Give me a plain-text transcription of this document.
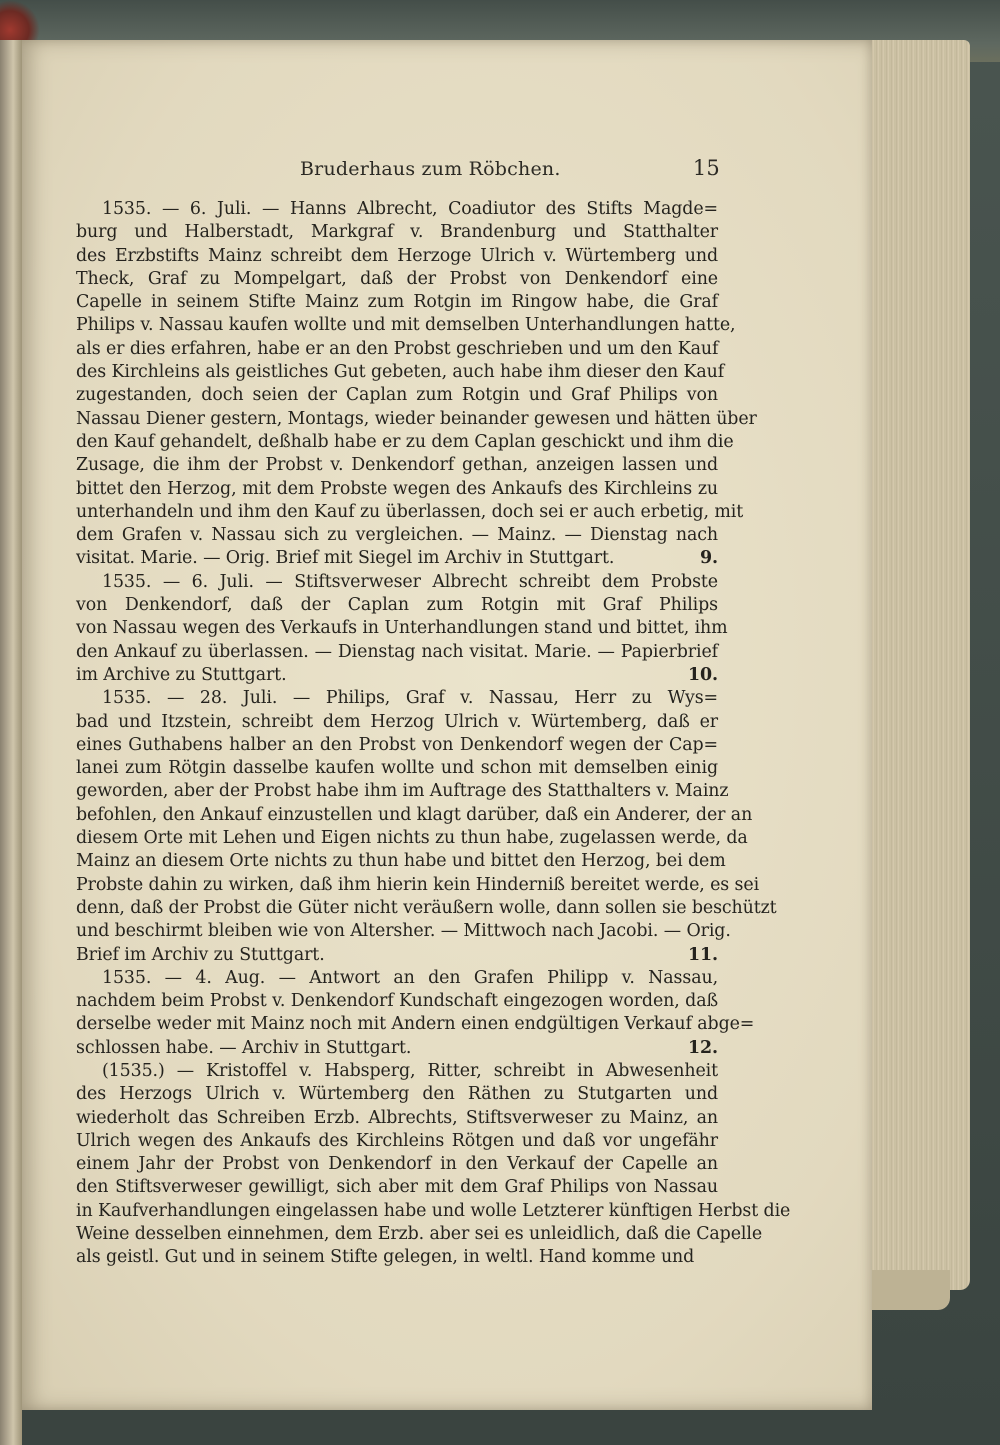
Bruderhaus zum Röbchen.	15
1535. — 6. Juli. — Hanns Albrecht, Coadiutor des Stifts Magde=
burg und Halberstadt, Markgraf v. Brandenburg und Statthalter
des Erzbstifts Mainz schreibt dem Herzoge Ulrich v. Würtemberg und
Theck, Graf zu Mompelgart, daß der Probst von Denkendorf eine
Capelle in seinem Stifte Mainz zum Rotgin im Ringow habe, die Graf
Philips v. Nassau kaufen wollte und mit demselben Unterhandlungen hatte,
als er dies erfahren, habe er an den Probst geschrieben und um den Kauf
des Kirchleins als geistliches Gut gebeten, auch habe ihm dieser den Kauf
zugestanden, doch seien der Caplan zum Rotgin und Graf Philips von
Nassau Diener gestern, Montags, wieder beinander gewesen und hätten über
den Kauf gehandelt, deßhalb habe er zu dem Caplan geschickt und ihm die
Zusage, die ihm der Probst v. Denkendorf gethan, anzeigen lassen und
bittet den Herzog, mit dem Probste wegen des Ankaufs des Kirchleins zu
unterhandeln und ihm den Kauf zu überlassen, doch sei er auch erbetig, mit
dem Grafen v. Nassau sich zu vergleichen. — Mainz. — Dienstag nach
visitat. Marie. — Orig. Brief mit Siegel im Archiv in Stuttgart.	9.
1535. — 6. Juli. — Stiftsverweser Albrecht schreibt dem Probste
von Denkendorf, daß der Caplan zum Rotgin mit Graf Philips
von Nassau wegen des Verkaufs in Unterhandlungen stand und bittet, ihm
den Ankauf zu überlassen. — Dienstag nach visitat. Marie. — Papierbrief
im Archive zu Stuttgart.	10.
1535. — 28. Juli. — Philips, Graf v. Nassau, Herr zu Wys=
bad und Itzstein, schreibt dem Herzog Ulrich v. Würtemberg, daß er
eines Guthabens halber an den Probst von Denkendorf wegen der Cap=
lanei zum Rötgin dasselbe kaufen wollte und schon mit demselben einig
geworden, aber der Probst habe ihm im Auftrage des Statthalters v. Mainz
befohlen, den Ankauf einzustellen und klagt darüber, daß ein Anderer, der an
diesem Orte mit Lehen und Eigen nichts zu thun habe, zugelassen werde, da
Mainz an diesem Orte nichts zu thun habe und bittet den Herzog, bei dem
Probste dahin zu wirken, daß ihm hierin kein Hinderniß bereitet werde, es sei
denn, daß der Probst die Güter nicht veräußern wolle, dann sollen sie beschützt
und beschirmt bleiben wie von Altersher. — Mittwoch nach Jacobi. — Orig.
Brief im Archiv zu Stuttgart.	11.
1535. — 4. Aug. — Antwort an den Grafen Philipp v. Nassau,
nachdem beim Probst v. Denkendorf Kundschaft eingezogen worden, daß
derselbe weder mit Mainz noch mit Andern einen endgültigen Verkauf abge=
schlossen habe. — Archiv in Stuttgart.	12.
(1535.) — Kristoffel v. Habsperg, Ritter, schreibt in Abwesenheit
des Herzogs Ulrich v. Würtemberg den Räthen zu Stutgarten und
wiederholt das Schreiben Erzb. Albrechts, Stiftsverweser zu Mainz, an
Ulrich wegen des Ankaufs des Kirchleins Rötgen und daß vor ungefähr
einem Jahr der Probst von Denkendorf in den Verkauf der Capelle an
den Stiftsverweser gewilligt, sich aber mit dem Graf Philips von Nassau
in Kaufverhandlungen eingelassen habe und wolle Letzterer künftigen Herbst die
Weine desselben einnehmen, dem Erzb. aber sei es unleidlich, daß die Capelle
als geistl. Gut und in seinem Stifte gelegen, in weltl. Hand komme und
